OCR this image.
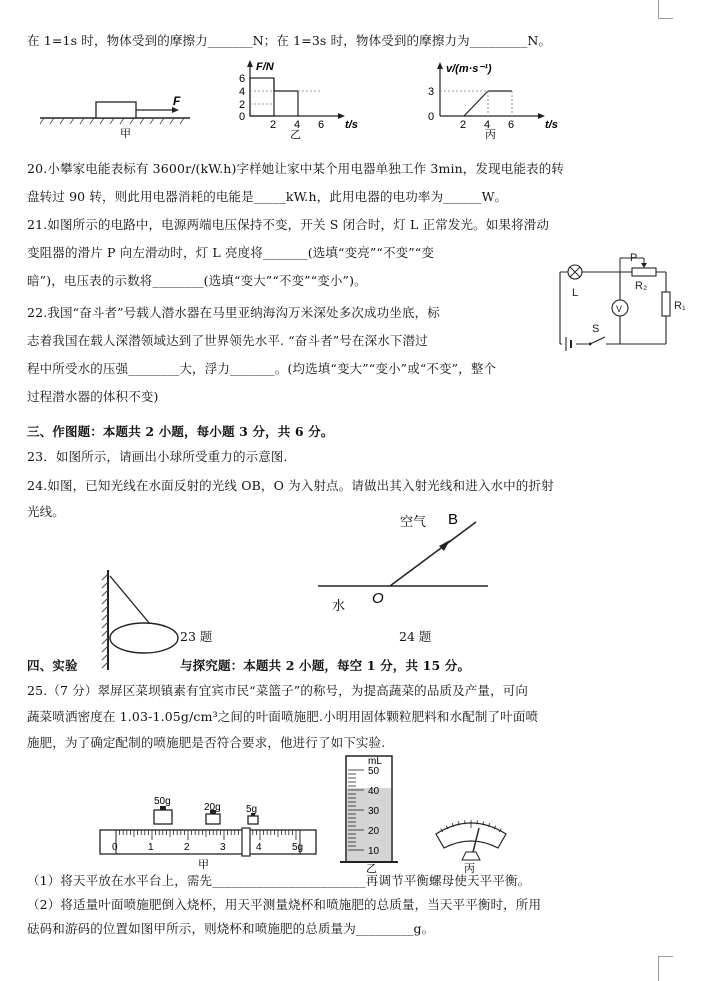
在 1=1s 时，物体受到的摩擦力_______N；在 1=3s 时，物体受到的摩擦力为_________N。
F
甲
F/N
6
4
2
0
2 4 6 t/s
乙
v/(m·s⁻¹)
3
0
2 4 6	t/s
丙
20.小攀家电能表标有 3600r/(kW.h)字样她让家中某个用电器单独工作 3min，发现电能表的转
盘转过 90 转，则此用电器消耗的电能是_____kW.h，此用电器的电功率为______W。
21.如图所示的电路中，电源两端电压保持不变，开关 S 闭合时，灯 L 正常发光。如果将滑动
变阻器的滑片 P 向左滑动时，灯 L 亮度将_______(选填“变亮”“不变”“变
暗”)，电压表的示数将________(选填“变大”“不变”“变小”)。
22.我国“奋斗者”号载人潜水器在马里亚纳海沟万米深处多次成功坐底，标
志着我国在载人深潜领域达到了世界领先水平. “奋斗者”号在深水下潜过
程中所受水的压强________大，浮力_______。(均选填“变大”“变小”或“不变”，整个
过程潜水器的体积不变)
L
P
R₂
R₁
V
S
三、作图题：本题共 2 小题，每小题 3 分，共 6 分。
23．如图所示，请画出小球所受重力的示意图．
24.如图，已知光线在水面反射的光线 OB，O 为入射点。请做出其入射光线和进入水中的折射
光线。
23 题
空气 B
水 O
24 题
四、实验	与探究题：本题共 2 小题，每空 1 分，共 15 分。
25.（7 分）翠屏区菜坝镇素有宜宾市民“菜篮子”的称号，为提高蔬菜的品质及产量，可向
蔬菜喷洒密度在 1.03-1.05g/cm³之间的叶面喷施肥.小明用固体颗粒肥料和水配制了叶面喷
施肥，为了确定配制的喷施肥是否符合要求，他进行了如下实验.
50g
20g	5g
0	1	2	3	4	5g
甲
mL
50
40
30
20
10
乙	丙
（1）将天平放在水平台上，需先________________________再调节平衡螺母使天平平衡。
（2）将适量叶面喷施肥倒入烧杯，用天平测量烧杯和喷施肥的总质量，当天平平衡时，所用
砝码和游码的位置如图甲所示，则烧杯和喷施肥的总质量为_________g。
